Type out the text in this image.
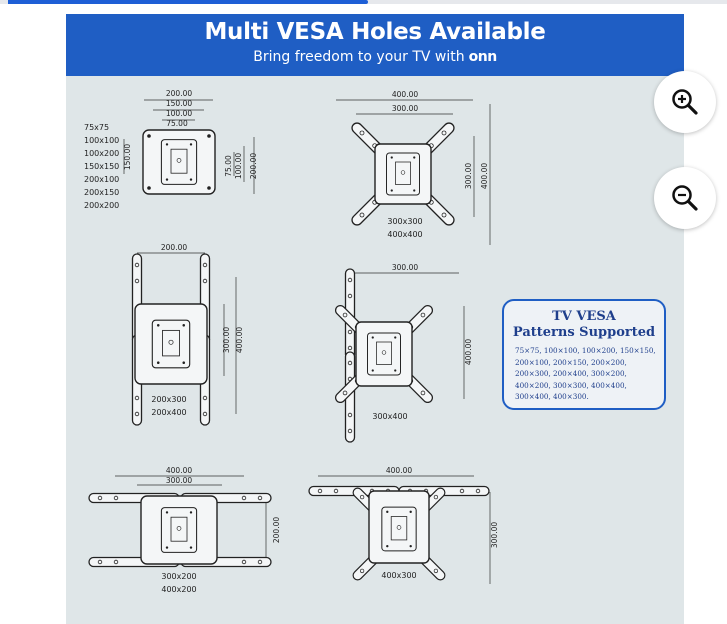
Multi VESA Holes Available
Bring freedom to your TV with onn
200.00
150.00
100.00
75.00
150.00	75.00 100.00 200.00
75x75
100x100
100x200
150x150
200x100
200x150
200x200
400.00
300.00
300.00 400.00
300x300
400x400
200.00
300.00 400.00
200x300
200x400
300.00
400.00
300x400
400.00
300.00
200.00
300x200
400x200
400.00
300.00
400x300
TV VESA
Patterns Supported
75×75, 100×100, 100×200, 150×150,
200×100, 200×150, 200×200,
200×300, 200×400, 300×200,
400×200, 300×300, 400×400,
300×400, 400×300.
